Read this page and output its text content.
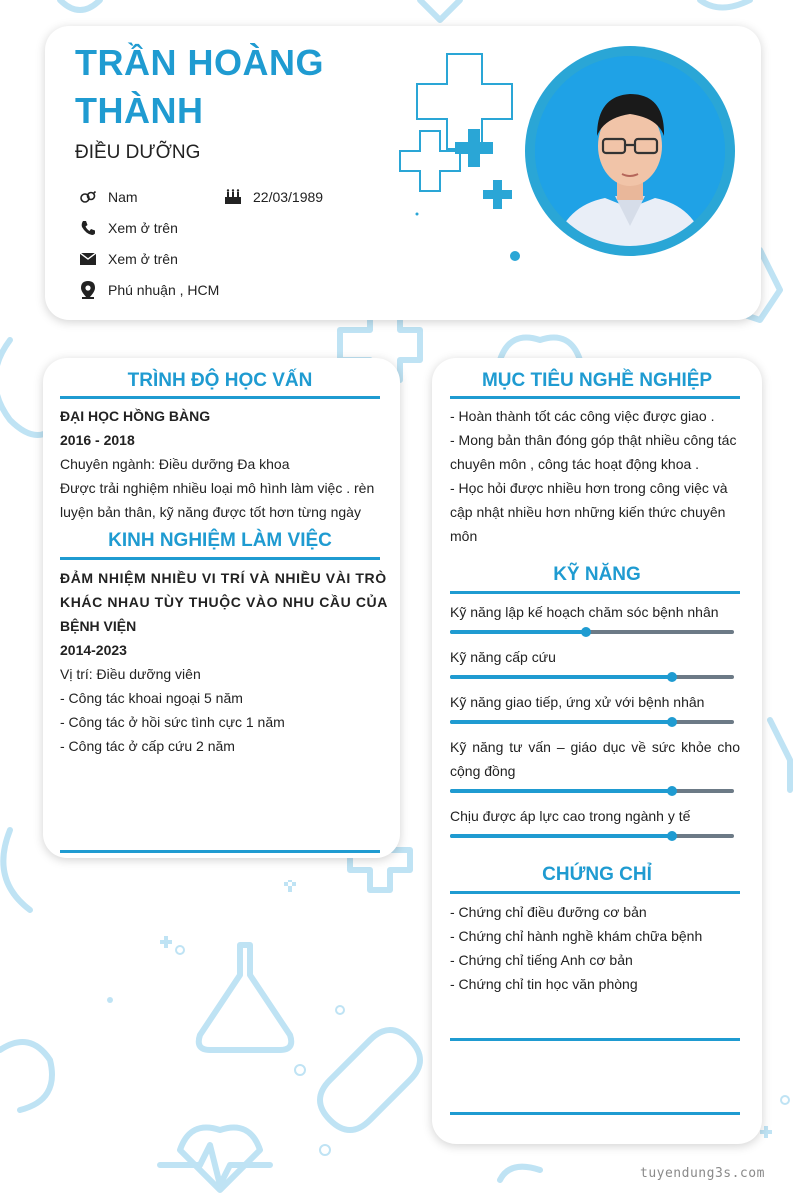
TRẦN HOÀNG
THÀNH
ĐIỀU DƯỠNG
Nam	22/03/1989
Xem ở trên
Xem ở trên
Phú nhuận , HCM
TRÌNH ĐỘ HỌC VẤN
ĐẠI HỌC HỒNG BÀNG
2016 - 2018
Chuyên ngành: Điều dưỡng Đa khoa
Được trải nghiệm nhiều loại mô hình làm việc . rèn
luyện bản thân, kỹ năng được tốt hơn từng ngày
KINH NGHIỆM LÀM VIỆC
ĐẢM NHIỆM NHIỀU VI TRÍ VÀ NHIỀU VÀI TRÒ
KHÁC NHAU TÙY THUỘC VÀO NHU CẦU CỦA
BỆNH VIỆN
2014-2023
Vị trí: Điều dưỡng viên
- Công tác khoai ngoại 5 năm
- Công tác ở hồi sức tình cực 1 năm
- Công tác ở cấp cứu 2 năm
MỤC TIÊU NGHỀ NGHIỆP
- Hoàn thành tốt các công việc được giao .
- Mong bản thân đóng góp thật nhiều công tác
chuyên môn , công tác hoạt động khoa .
- Học hỏi được nhiều hơn trong công việc và
cập nhật nhiều hơn những kiến thức chuyên
môn
KỸ NĂNG
Kỹ năng lập kế hoạch chăm sóc bệnh nhân
Kỹ năng cấp cứu
Kỹ năng giao tiếp, ứng xử với bệnh nhân
Kỹ năng tư vấn – giáo dục về sức khỏe cho cộng đồng
Chịu được áp lực cao trong ngành y tế
CHỨNG CHỈ
- Chứng chỉ điều đưỡng cơ bản
- Chứng chỉ hành nghề khám chữa bệnh
- Chứng chỉ tiếng Anh cơ bản
- Chứng chỉ tin học văn phòng
tuyendung3s.com
